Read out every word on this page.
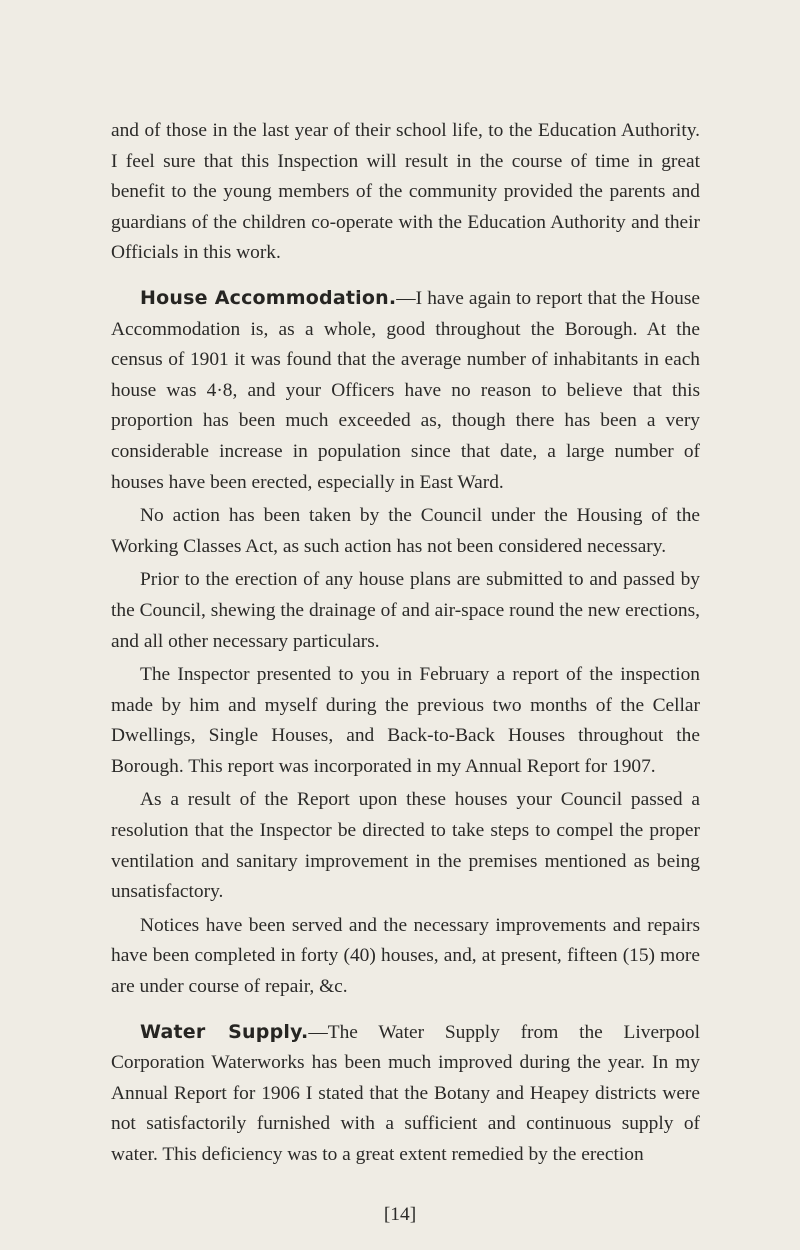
and of those in the last year of their school life, to the Education Authority. I feel sure that this Inspection will result in the course of time in great benefit to the young members of the community provided the parents and guardians of the children co-operate with the Education Authority and their Officials in this work.

House Accommodation.—I have again to report that the House Accommodation is, as a whole, good throughout the Borough. At the census of 1901 it was found that the average number of inhabitants in each house was 4·8, and your Officers have no reason to believe that this proportion has been much exceeded as, though there has been a very considerable increase in population since that date, a large number of houses have been erected, especially in East Ward.

No action has been taken by the Council under the Housing of the Working Classes Act, as such action has not been considered necessary.

Prior to the erection of any house plans are submitted to and passed by the Council, shewing the drainage of and air-space round the new erections, and all other necessary particulars.

The Inspector presented to you in February a report of the inspection made by him and myself during the previous two months of the Cellar Dwellings, Single Houses, and Back-to-Back Houses throughout the Borough. This report was incorporated in my Annual Report for 1907.

As a result of the Report upon these houses your Council passed a resolution that the Inspector be directed to take steps to compel the proper ventilation and sanitary improvement in the premises mentioned as being unsatisfactory.

Notices have been served and the necessary improvements and repairs have been completed in forty (40) houses, and, at present, fifteen (15) more are under course of repair, &c.

Water Supply.—The Water Supply from the Liverpool Corporation Waterworks has been much improved during the year. In my Annual Report for 1906 I stated that the Botany and Heapey districts were not satisfactorily furnished with a sufficient and continuous supply of water. This deficiency was to a great extent remedied by the erection

[14]
